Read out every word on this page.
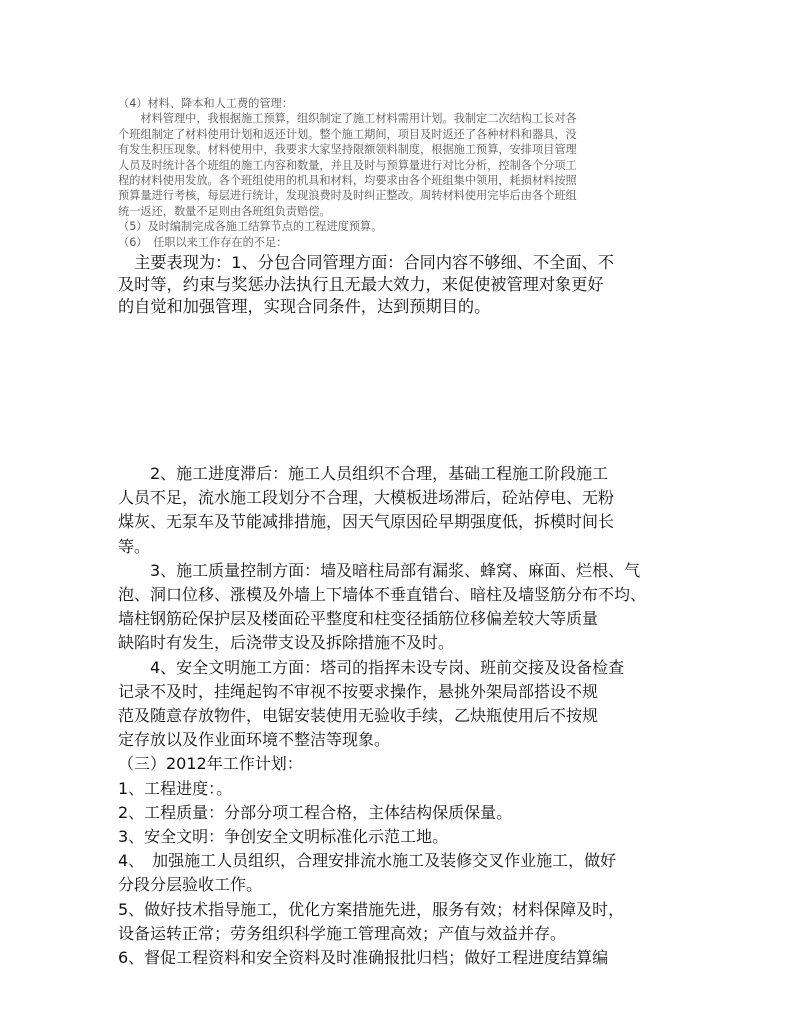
（4）材料、降本和人工费的管理：

　　材料管理中，我根据施工预算，组织制定了施工材料需用计划。我制定二次结构工长对各

个班组制定了材料使用计划和返还计划。整个施工期间，项目及时返还了各种材料和器具，没

有发生积压现象。材料使用中，我要求大家坚持限额领料制度，根据施工预算，安排项目管理

人员及时统计各个班组的施工内容和数量，并且及时与预算量进行对比分析，控制各个分项工

程的材料使用发放。各个班组使用的机具和材料，均要求由各个班组集中领用，耗损材料按照

预算量进行考核，每层进行统计，发现浪费时及时纠正整改。周转材料使用完毕后由各个班组

统一返还，数量不足则由各班组负责赔偿。

（5）及时编制完成各施工结算节点的工程进度预算。

（6）　任职以来工作存在的不足：

　主要表现为：1、分包合同管理方面：合同内容不够细、不全面、不

及时等，约束与奖惩办法执行且无最大效力，来促使被管理对象更好

的自觉和加强管理，实现合同条件，达到预期目的。

　　2、施工进度滞后：施工人员组织不合理，基础工程施工阶段施工

人员不足，流水施工段划分不合理，大模板进场滞后，砼站停电、无粉

煤灰、无泵车及节能减排措施，因天气原因砼早期强度低，拆模时间长

等。

　　3、施工质量控制方面：墙及暗柱局部有漏浆、蜂窝、麻面、烂根、气

泡、洞口位移、涨模及外墙上下墙体不垂直错台、暗柱及墙竖筋分布不均、

墙柱钢筋砼保护层及楼面砼平整度和柱变径插筋位移偏差较大等质量

缺陷时有发生，后浇带支设及拆除措施不及时。

　　4、安全文明施工方面：塔司的指挥未设专岗、班前交接及设备检查

记录不及时，挂绳起钩不审视不按要求操作，悬挑外架局部搭设不规

范及随意存放物件，电锯安装使用无验收手续，乙炔瓶使用后不按规

定存放以及作业面环境不整洁等现象。

（三）2012年工作计划：

1、工程进度：。

2、工程质量：分部分项工程合格，主体结构保质保量。

3、安全文明：争创安全文明标准化示范工地。

4、　加强施工人员组织，合理安排流水施工及装修交叉作业施工，做好

分段分层验收工作。

5、做好技术指导施工，优化方案措施先进，服务有效；材料保障及时，

设备运转正常；劳务组织科学施工管理高效；产值与效益并存。

6、督促工程资料和安全资料及时准确报批归档；做好工程进度结算编
